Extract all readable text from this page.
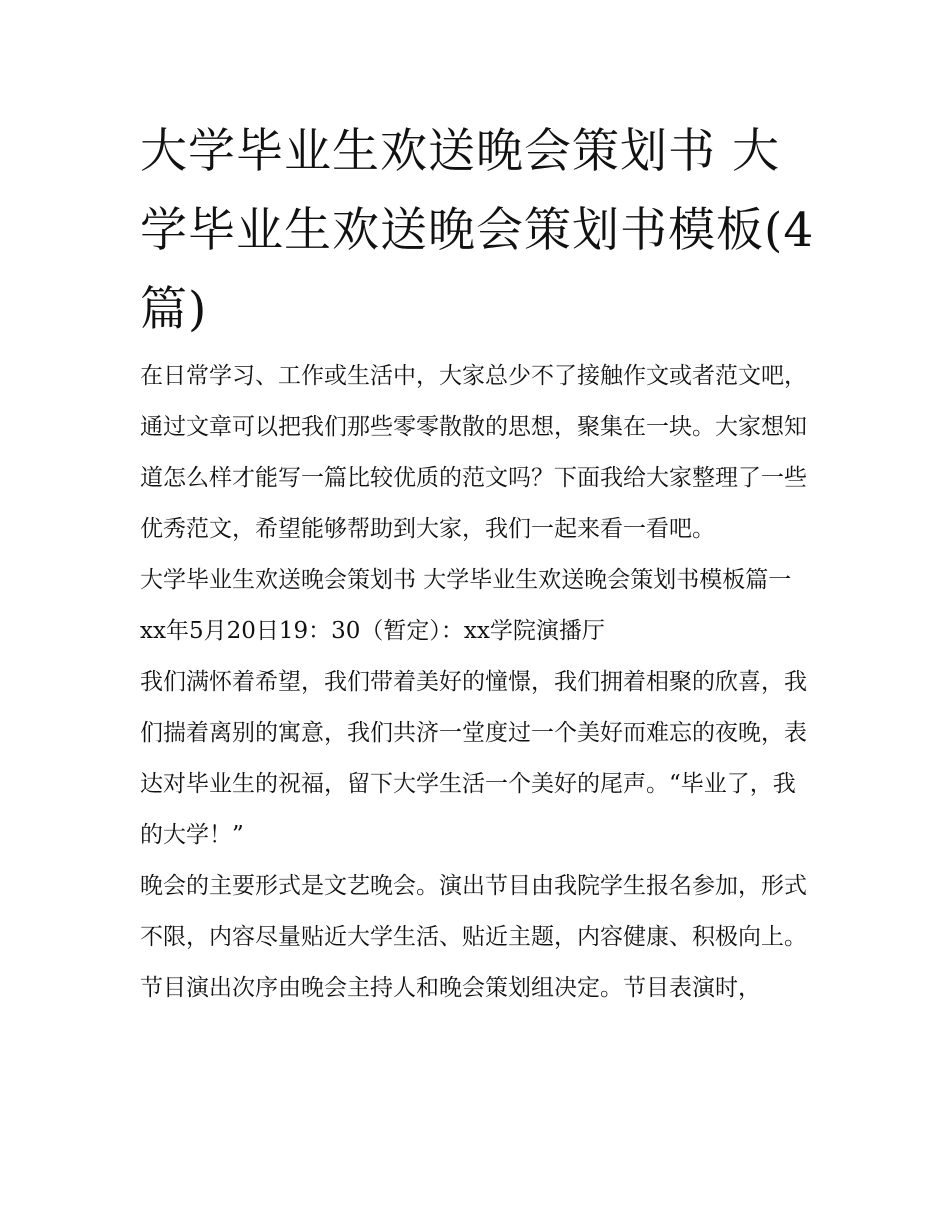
大学毕业生欢送晚会策划书 大学毕业生欢送晚会策划书模板(4篇)

在日常学习、工作或生活中，大家总少不了接触作文或者范文吧，通过文章可以把我们那些零零散散的思想，聚集在一块。大家想知道怎么样才能写一篇比较优质的范文吗？下面我给大家整理了一些优秀范文，希望能够帮助到大家，我们一起来看一看吧。

大学毕业生欢送晚会策划书 大学毕业生欢送晚会策划书模板篇一 xx年5月20日19：30（暂定）：xx学院演播厅

我们满怀着希望，我们带着美好的憧憬，我们拥着相聚的欣喜，我们揣着离别的寓意，我们共济一堂度过一个美好而难忘的夜晚，表达对毕业生的祝福，留下大学生活一个美好的尾声。“毕业了，我的大学！”

晚会的主要形式是文艺晚会。演出节目由我院学生报名参加，形式不限，内容尽量贴近大学生活、贴近主题，内容健康、积极向上。

节目演出次序由晚会主持人和晚会策划组决定。节目表演时，
